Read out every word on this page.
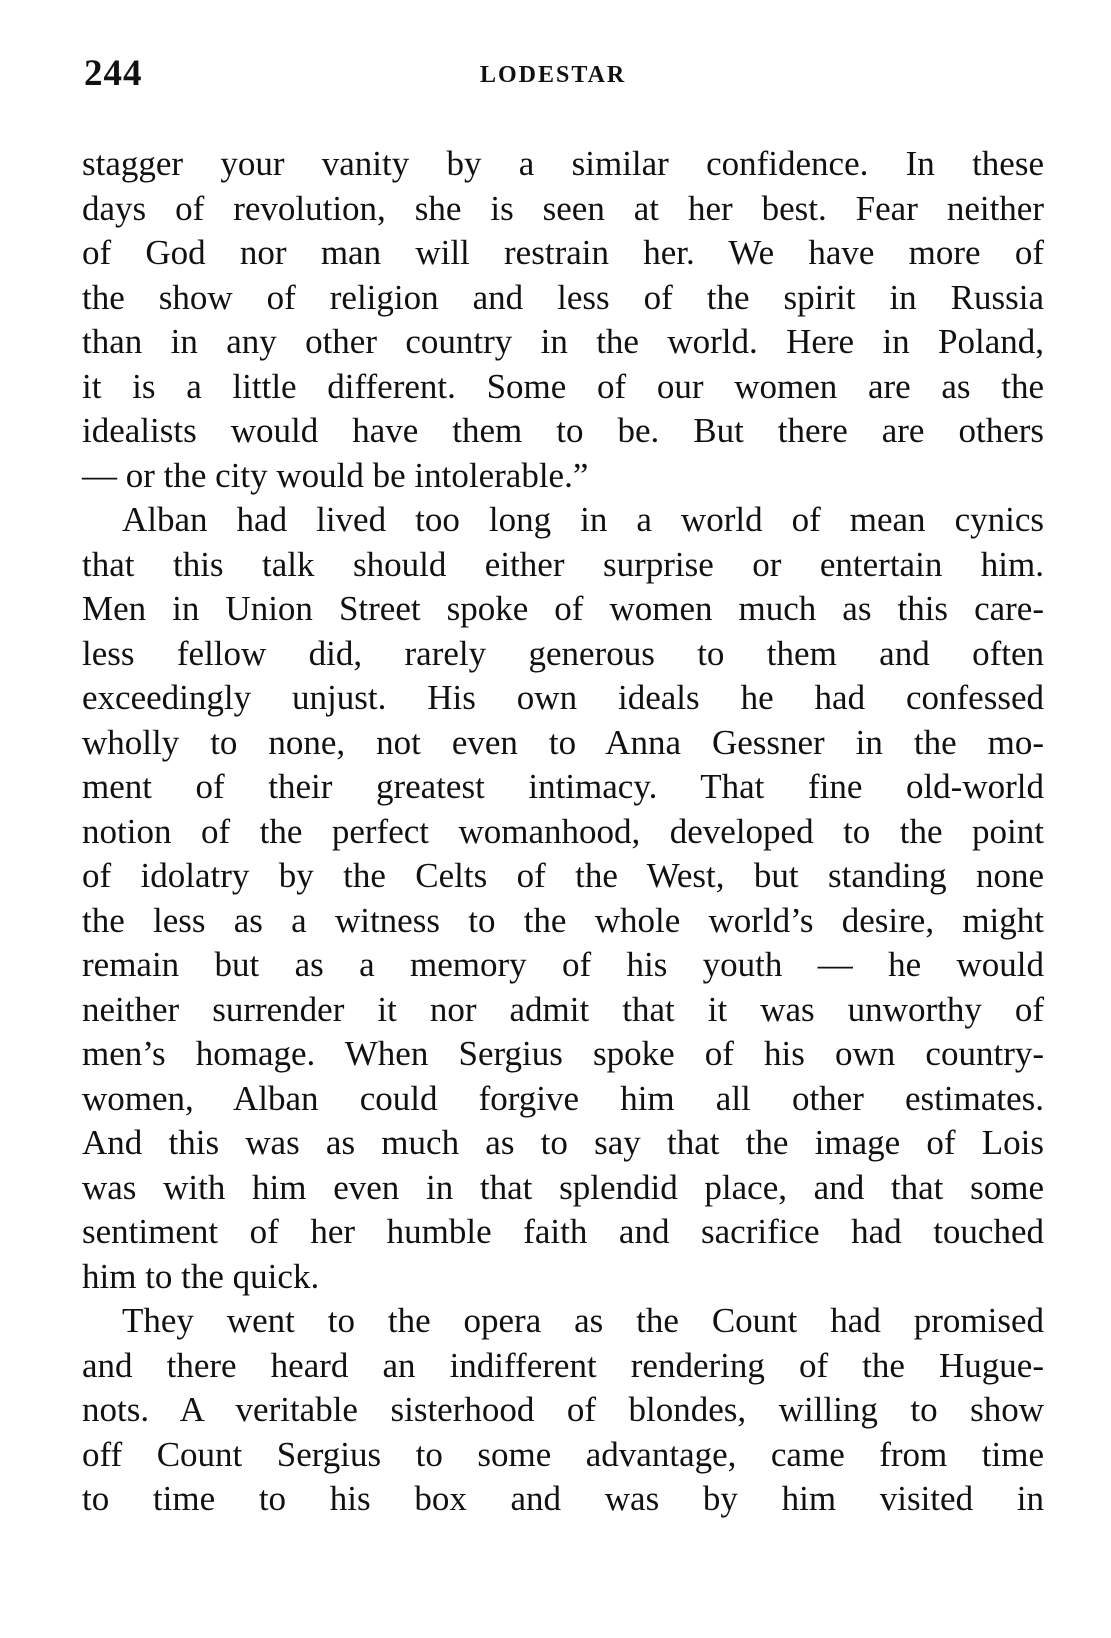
244	LODESTAR
stagger your vanity by a similar confidence. In these
days of revolution, she is seen at her best. Fear neither
of God nor man will restrain her. We have more of
the show of religion and less of the spirit in Russia
than in any other country in the world. Here in Poland,
it is a little different. Some of our women are as the
idealists would have them to be. But there are others
— or the city would be intolerable.”
Alban had lived too long in a world of mean cynics
that this talk should either surprise or entertain him.
Men in Union Street spoke of women much as this care-
less fellow did, rarely generous to them and often
exceedingly unjust. His own ideals he had confessed
wholly to none, not even to Anna Gessner in the mo-
ment of their greatest intimacy. That fine old-world
notion of the perfect womanhood, developed to the point
of idolatry by the Celts of the West, but standing none
the less as a witness to the whole world’s desire, might
remain but as a memory of his youth — he would
neither surrender it nor admit that it was unworthy of
men’s homage. When Sergius spoke of his own country-
women, Alban could forgive him all other estimates.
And this was as much as to say that the image of Lois
was with him even in that splendid place, and that some
sentiment of her humble faith and sacrifice had touched
him to the quick.
They went to the opera as the Count had promised
and there heard an indifferent rendering of the Hugue-
nots. A veritable sisterhood of blondes, willing to show
off Count Sergius to some advantage, came from time
to time to his box and was by him visited in
